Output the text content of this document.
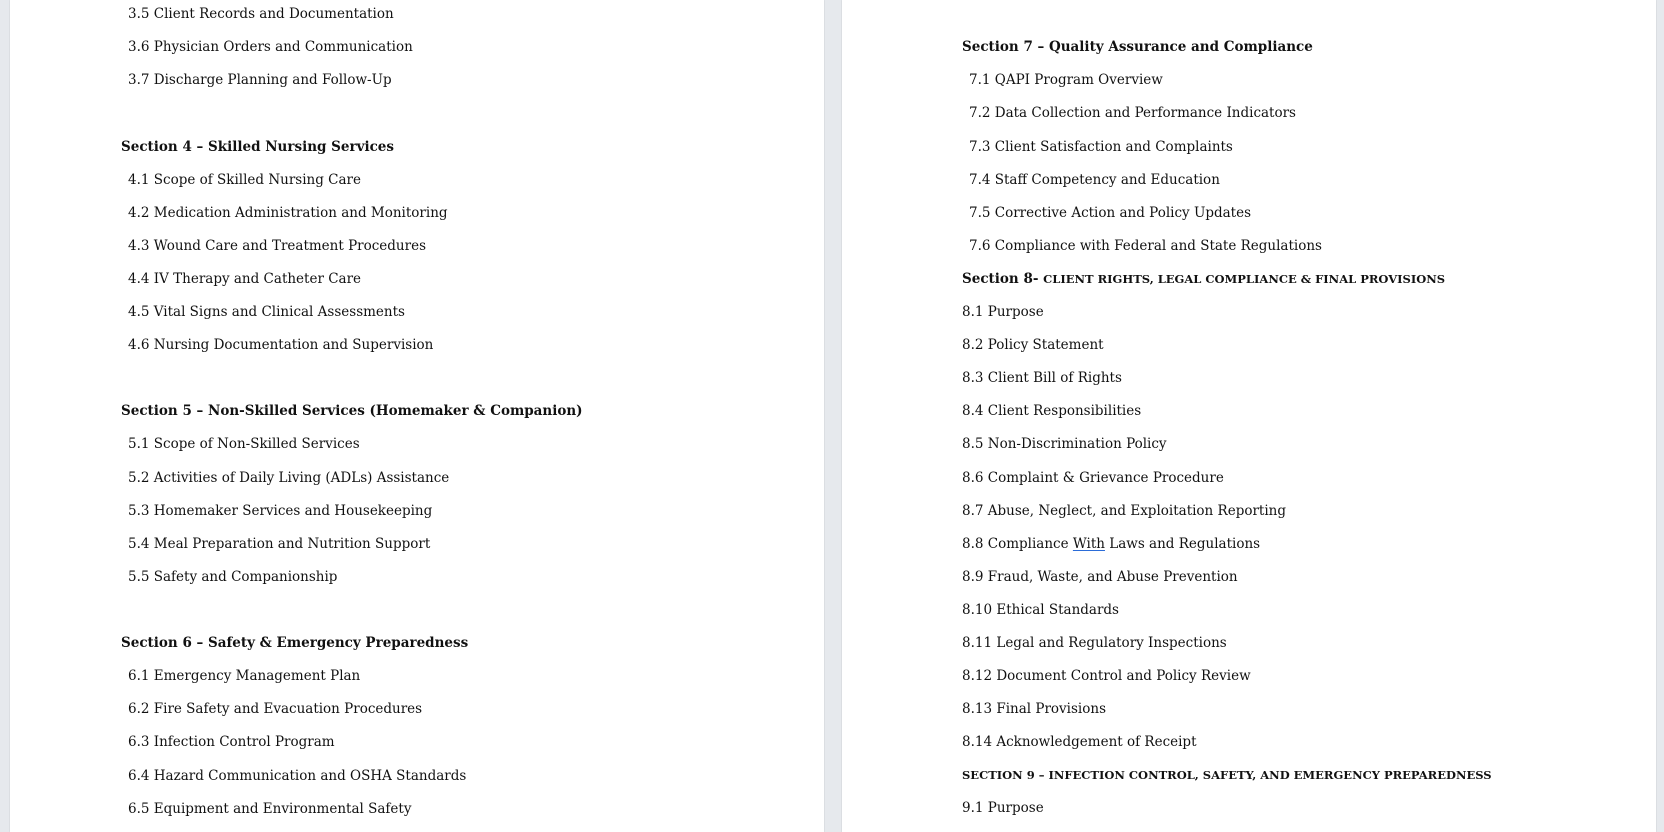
3.5 Client Records and Documentation
3.6 Physician Orders and Communication
3.7 Discharge Planning and Follow-Up
Section 4 – Skilled Nursing Services
4.1 Scope of Skilled Nursing Care
4.2 Medication Administration and Monitoring
4.3 Wound Care and Treatment Procedures
4.4 IV Therapy and Catheter Care
4.5 Vital Signs and Clinical Assessments
4.6 Nursing Documentation and Supervision
Section 5 – Non-Skilled Services (Homemaker & Companion)
5.1 Scope of Non-Skilled Services
5.2 Activities of Daily Living (ADLs) Assistance
5.3 Homemaker Services and Housekeeping
5.4 Meal Preparation and Nutrition Support
5.5 Safety and Companionship
Section 6 – Safety & Emergency Preparedness
6.1 Emergency Management Plan
6.2 Fire Safety and Evacuation Procedures
6.3 Infection Control Program
6.4 Hazard Communication and OSHA Standards
6.5 Equipment and Environmental Safety
Section 7 – Quality Assurance and Compliance
7.1 QAPI Program Overview
7.2 Data Collection and Performance Indicators
7.3 Client Satisfaction and Complaints
7.4 Staff Competency and Education
7.5 Corrective Action and Policy Updates
7.6 Compliance with Federal and State Regulations
Section 8- CLIENT RIGHTS, LEGAL COMPLIANCE & FINAL PROVISIONS
8.1 Purpose
8.2 Policy Statement
8.3 Client Bill of Rights
8.4 Client Responsibilities
8.5 Non-Discrimination Policy
8.6 Complaint & Grievance Procedure
8.7 Abuse, Neglect, and Exploitation Reporting
8.8 Compliance With Laws and Regulations
8.9 Fraud, Waste, and Abuse Prevention
8.10 Ethical Standards
8.11 Legal and Regulatory Inspections
8.12 Document Control and Policy Review
8.13 Final Provisions
8.14 Acknowledgement of Receipt
SECTION 9 – INFECTION CONTROL, SAFETY, AND EMERGENCY PREPAREDNESS
9.1 Purpose
